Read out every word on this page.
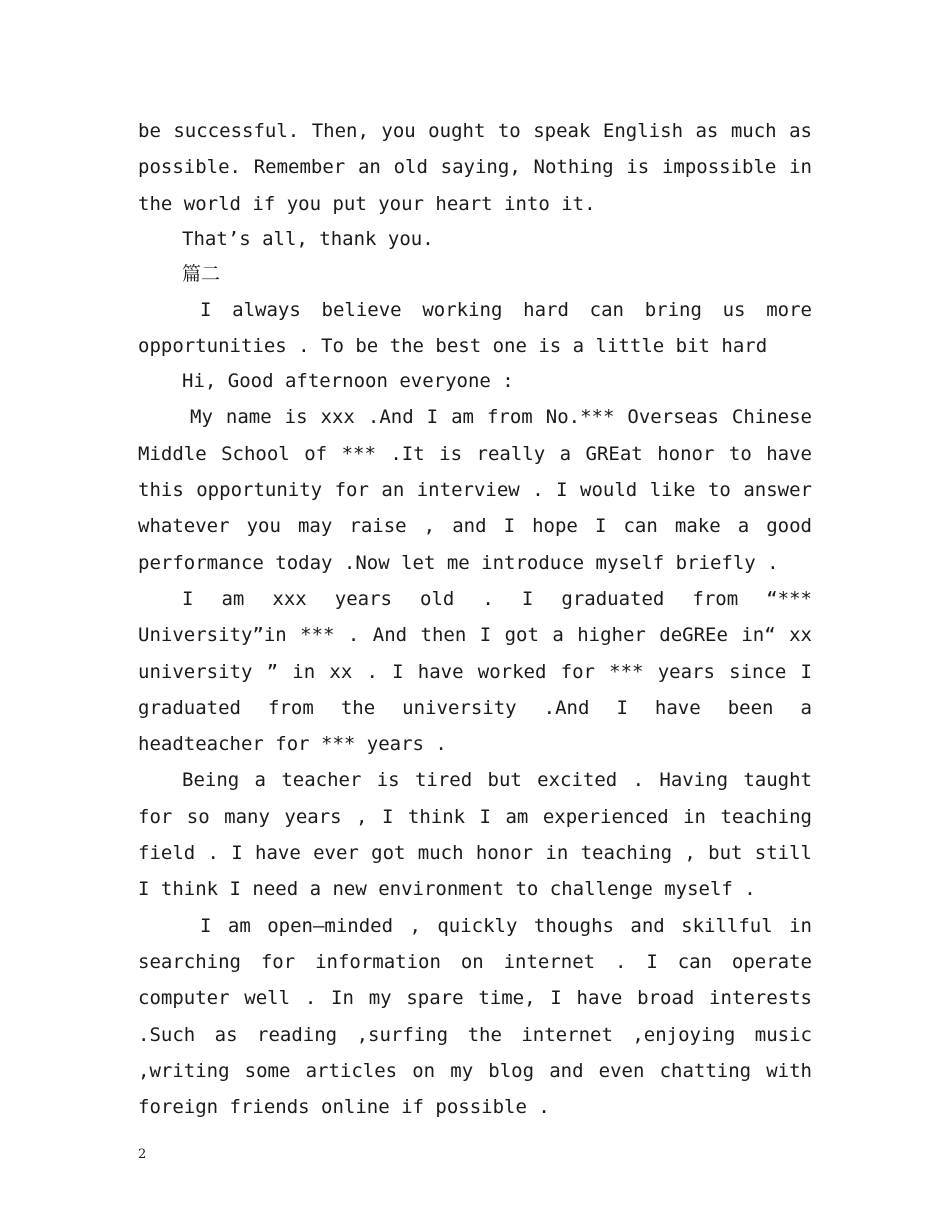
be successful. Then, you ought to speak English as much as possible. Remember an old saying, Nothing is impossible in the world if you put your heart into it.

That’s all, thank you.

篇二

I always believe working hard can bring us more opportunities . To be the best one is a little bit hard

Hi, Good afternoon everyone :

My name is xxx .And I am from No.*** Overseas Chinese Middle School of *** .It is really a GREat honor to have this opportunity for an interview . I would like to answer whatever you may raise , and I hope I can make a good performance today .Now let me introduce myself briefly .

I am xxx years old . I graduated from “*** University”in *** . And then I got a higher deGREe in“ xx university ” in xx . I have worked for *** years since I graduated from the university .And I have been a headteacher for *** years .

Being a teacher is tired but excited . Having taught for so many years , I think I am experienced in teaching field . I have ever got much honor in teaching , but still I think I need a new environment to challenge myself .

I am open—minded , quickly thoughs and skillful in searching for information on internet . I can operate computer well . In my spare time, I have broad interests .Such as reading ,surfing the internet ,enjoying music ,writing some articles on my blog and even chatting with foreign friends online if possible .

2
